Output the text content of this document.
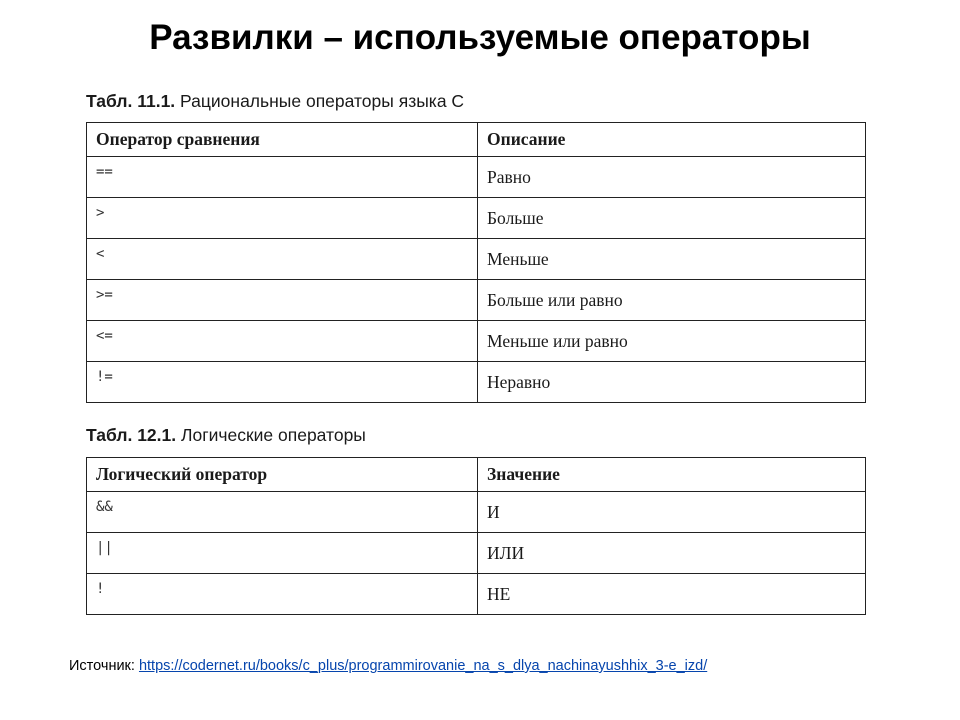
Развилки – используемые операторы
Табл. 11.1. Рациональные операторы языка С
Оператор сравнения	Описание
==	Равно
>	Больше
<	Меньше
>=	Больше или равно
<=	Меньше или равно
!=	Неравно
Табл. 12.1. Логические операторы
Логический оператор	Значение
&&	И
||	ИЛИ
!	НЕ
Источник: https://codernet.ru/books/c_plus/programmirovanie_na_s_dlya_nachinayushhix_3-e_izd/
